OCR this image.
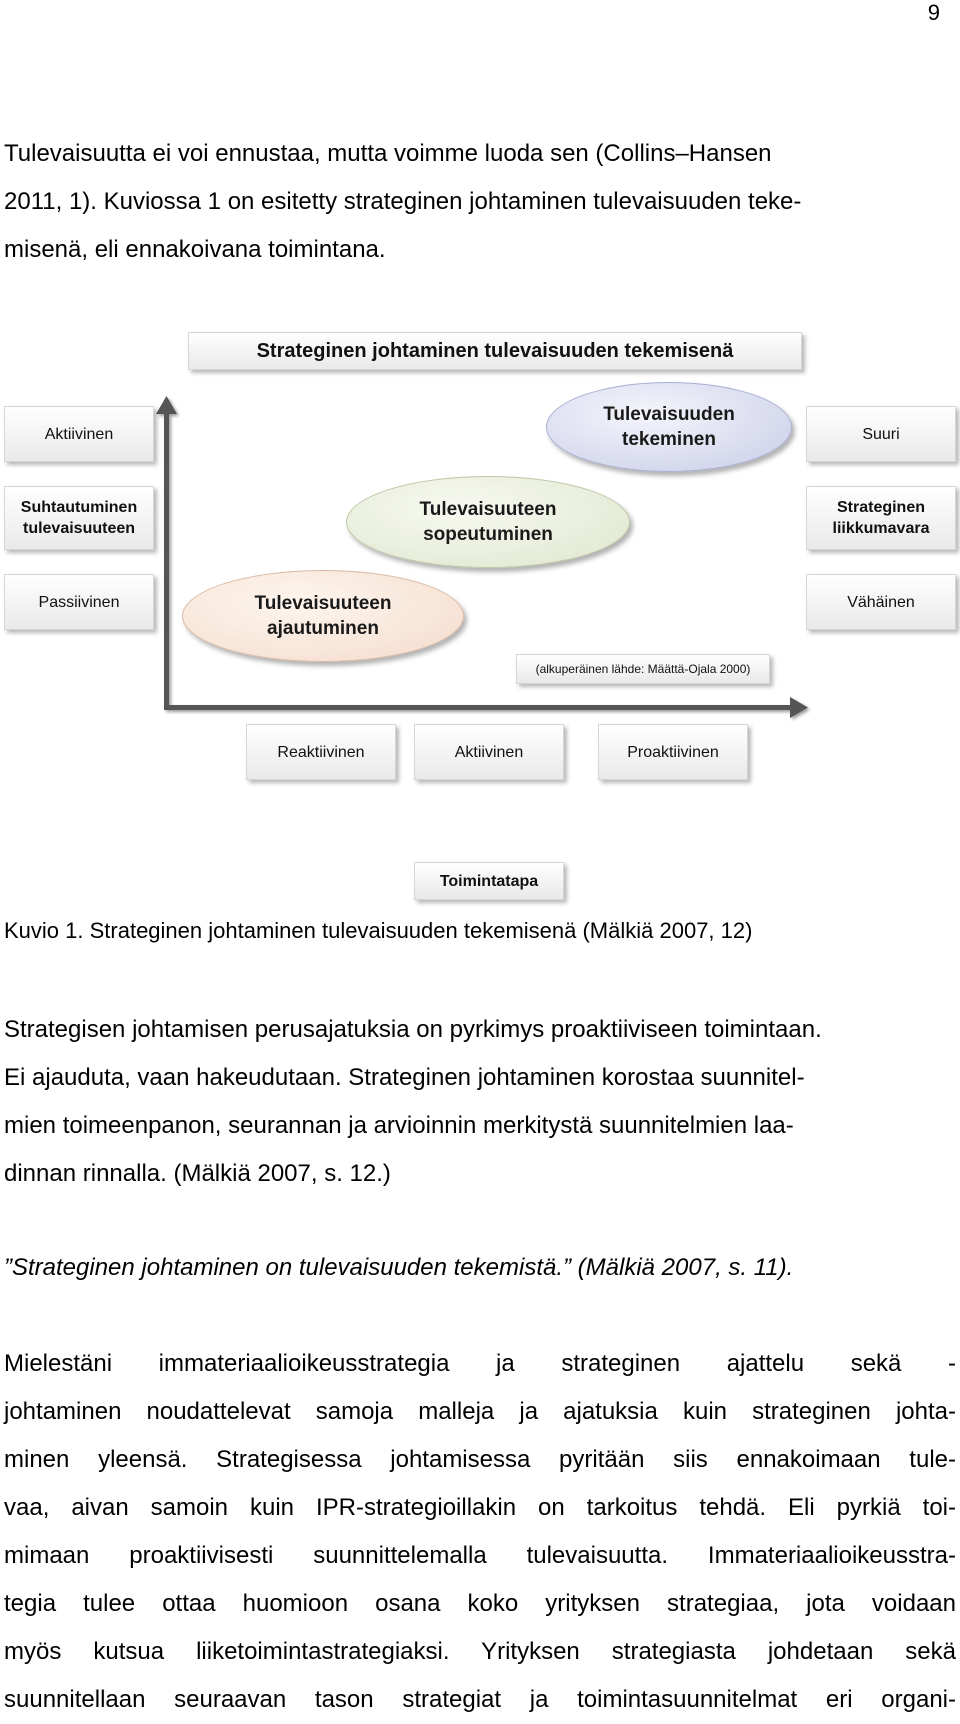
9

Tulevaisuutta ei voi ennustaa, mutta voimme luoda sen (Collins–Hansen
2011, 1). Kuviossa 1 on esitetty strateginen johtaminen tulevaisuuden teke-
misenä, eli ennakoivana toimintana.

Strateginen johtaminen tulevaisuuden tekemisenä
Aktiivinen
Suhtautuminen tulevaisuuteen
Passiivinen
Suuri
Strateginen liikkumavara
Vähäinen
Tulevaisuuden tekeminen
Tulevaisuuteen sopeutuminen
Tulevaisuuteen ajautuminen
(alkuperäinen lähde: Määttä-Ojala 2000)
Reaktiivinen	Aktiivinen	Proaktiivinen
Toimintatapa
Kuvio 1. Strateginen johtaminen tulevaisuuden tekemisenä (Mälkiä 2007, 12)

Strategisen johtamisen perusajatuksia on pyrkimys proaktiiviseen toimintaan.
Ei ajauduta, vaan hakeudutaan. Strateginen johtaminen korostaa suunnitel-
mien toimeenpanon, seurannan ja arvioinnin merkitystä suunnitelmien laa-
dinnan rinnalla. (Mälkiä 2007, s. 12.)

”Strateginen johtaminen on tulevaisuuden tekemistä.” (Mälkiä 2007, s. 11).

Mielestäni immateriaalioikeusstrategia ja strateginen ajattelu sekä -
johtaminen noudattelevat samoja malleja ja ajatuksia kuin strateginen johta-
minen yleensä. Strategisessa johtamisessa pyritään siis ennakoimaan tule-
vaa, aivan samoin kuin IPR-strategioillakin on tarkoitus tehdä. Eli pyrkiä toi-
mimaan proaktiivisesti suunnittelemalla tulevaisuutta. Immateriaalioikeusstra-
tegia tulee ottaa huomioon osana koko yrityksen strategiaa, jota voidaan
myös kutsua liiketoimintastrategiaksi. Yrityksen strategiasta johdetaan sekä
suunnitellaan seuraavan tason strategiat ja toimintasuunnitelmat eri organi-
